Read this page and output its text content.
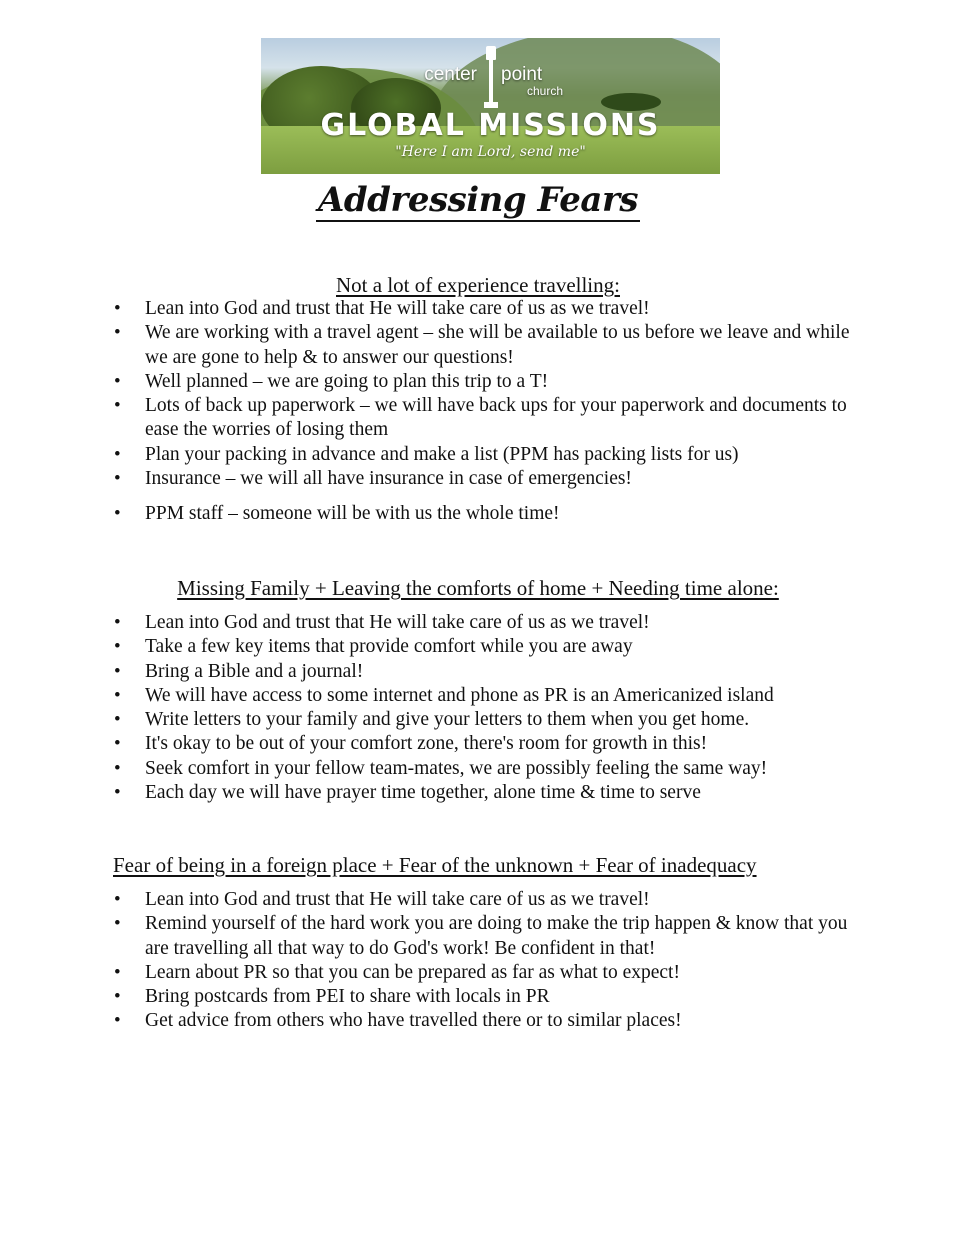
center point
church
GLOBAL MISSIONS
"Here I am Lord, send me"
Addressing Fears

Not a lot of experience travelling:

• Lean into God and trust that He will take care of us as we travel!
• We are working with a travel agent – she will be available to us before we leave and while we are gone to help & to answer our questions!
• Well planned – we are going to plan this trip to a T!
• Lots of back up paperwork – we will have back ups for your paperwork and documents to ease the worries of losing them
• Plan your packing in advance and make a list (PPM has packing lists for us)
• Insurance – we will all have insurance in case of emergencies!
• PPM staff – someone will be with us the whole time!

Missing Family + Leaving the comforts of home + Needing time alone:

• Lean into God and trust that He will take care of us as we travel!
• Take a few key items that provide comfort while you are away
• Bring a Bible and a journal!
• We will have access to some internet and phone as PR is an Americanized island
• Write letters to your family and give your letters to them when you get home.
• It's okay to be out of your comfort zone, there's room for growth in this!
• Seek comfort in your fellow team-mates, we are possibly feeling the same way!
• Each day we will have prayer time together, alone time & time to serve

Fear of being in a foreign place + Fear of the unknown + Fear of inadequacy

• Lean into God and trust that He will take care of us as we travel!
• Remind yourself of the hard work you are doing to make the trip happen & know that you are travelling all that way to do God's work! Be confident in that!
• Learn about PR so that you can be prepared as far as what to expect!
• Bring postcards from PEI to share with locals in PR
• Get advice from others who have travelled there or to similar places!
